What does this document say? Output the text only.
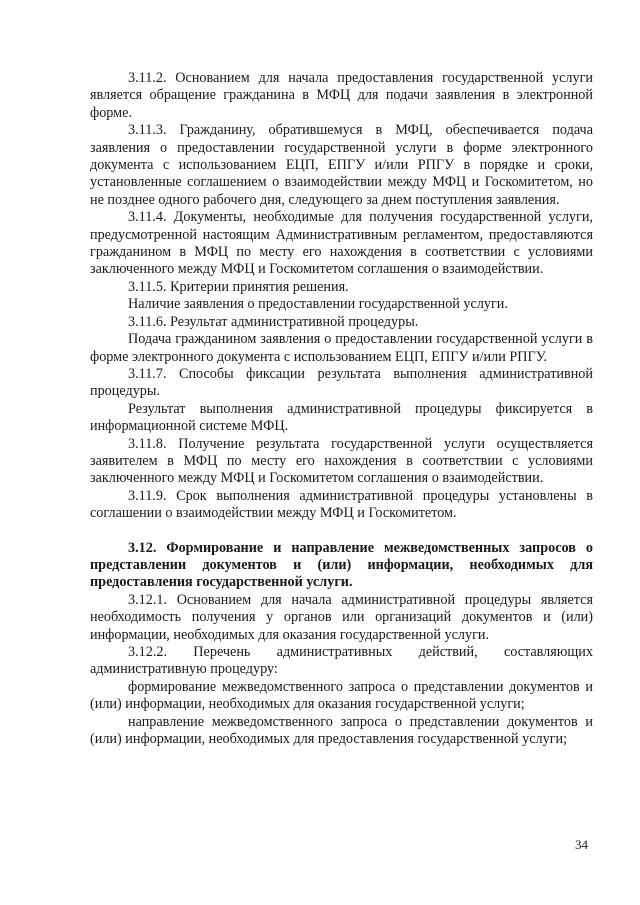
3.11.2. Основанием для начала предоставления государственной услуги является обращение гражданина в МФЦ для подачи заявления в электронной форме.

3.11.3. Гражданину, обратившемуся в МФЦ, обеспечивается подача заявления о предоставлении государственной услуги в форме электронного документа с использованием ЕЦП, ЕПГУ и/или РПГУ в порядке и сроки, установленные соглашением о взаимодействии между МФЦ и Госкомитетом, но не позднее одного рабочего дня, следующего за днем поступления заявления.

3.11.4. Документы, необходимые для получения государственной услуги, предусмотренной настоящим Административным регламентом, предоставляются гражданином в МФЦ по месту его нахождения в соответствии с условиями заключенного между МФЦ и Госкомитетом соглашения о взаимодействии.

3.11.5. Критерии принятия решения.

Наличие заявления о предоставлении государственной услуги.

3.11.6. Результат административной процедуры.

Подача гражданином заявления о предоставлении государственной услуги в форме электронного документа с использованием ЕЦП, ЕПГУ и/или РПГУ.

3.11.7. Способы фиксации результата выполнения административной процедуры.

Результат выполнения административной процедуры фиксируется в информационной системе МФЦ.

3.11.8. Получение результата государственной услуги осуществляется заявителем в МФЦ по месту его нахождения в соответствии с условиями заключенного между МФЦ и Госкомитетом соглашения о взаимодействии.

3.11.9. Срок выполнения административной процедуры установлены в соглашении о взаимодействии между МФЦ и Госкомитетом.

3.12. Формирование и направление межведомственных запросов о представлении документов и (или) информации, необходимых для предоставления государственной услуги.

3.12.1. Основанием для начала административной процедуры является необходимость получения у органов или организаций документов и (или) информации, необходимых для оказания государственной услуги.

3.12.2. Перечень административных действий, составляющих административную процедуру:

формирование межведомственного запроса о представлении документов и (или) информации, необходимых для оказания государственной услуги;

направление межведомственного запроса о представлении документов и (или) информации, необходимых для предоставления государственной услуги;

34
